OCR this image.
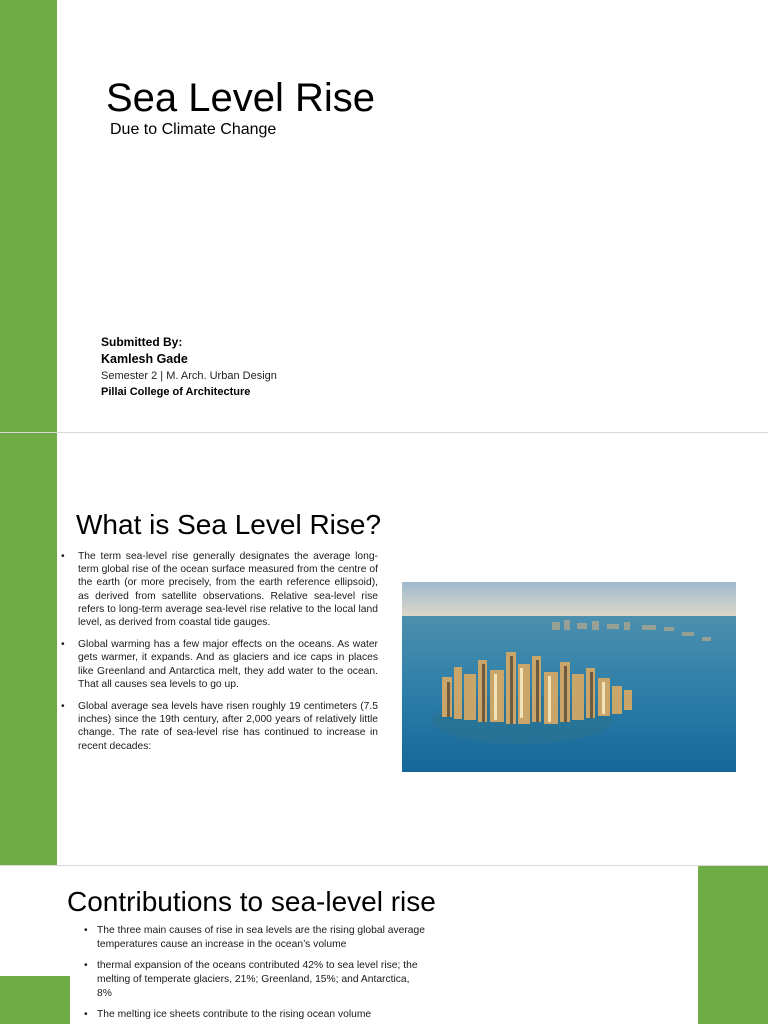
Sea Level Rise
Due to Climate Change
Submitted By:
Kamlesh Gade
Semester 2 | M. Arch. Urban Design
Pillai College of Architecture
What is Sea Level Rise?
• The term sea-level rise generally designates the average long-term global rise of the ocean surface measured from the centre of the earth (or more precisely, from the earth reference ellipsoid), as derived from satellite observations. Relative sea-level rise refers to long-term average sea-level rise relative to the local land level, as derived from coastal tide gauges.
• Global warming has a few major effects on the oceans. As water gets warmer, it expands. And as glaciers and ice caps in places like Greenland and Antarctica melt, they add water to the ocean. That all causes sea levels to go up.
• Global average sea levels have risen roughly 19 centimeters (7.5 inches) since the 19th century, after 2,000 years of relatively little change. The rate of sea-level rise has continued to increase in recent decades:
Contributions to sea-level rise
• The three main causes of rise in sea levels are the rising global average temperatures cause an increase in the ocean’s volume
• thermal expansion of the oceans contributed 42% to sea level rise; the melting of temperate glaciers, 21%; Greenland, 15%; and Antarctica, 8%
• The melting ice sheets contribute to the rising ocean volume
